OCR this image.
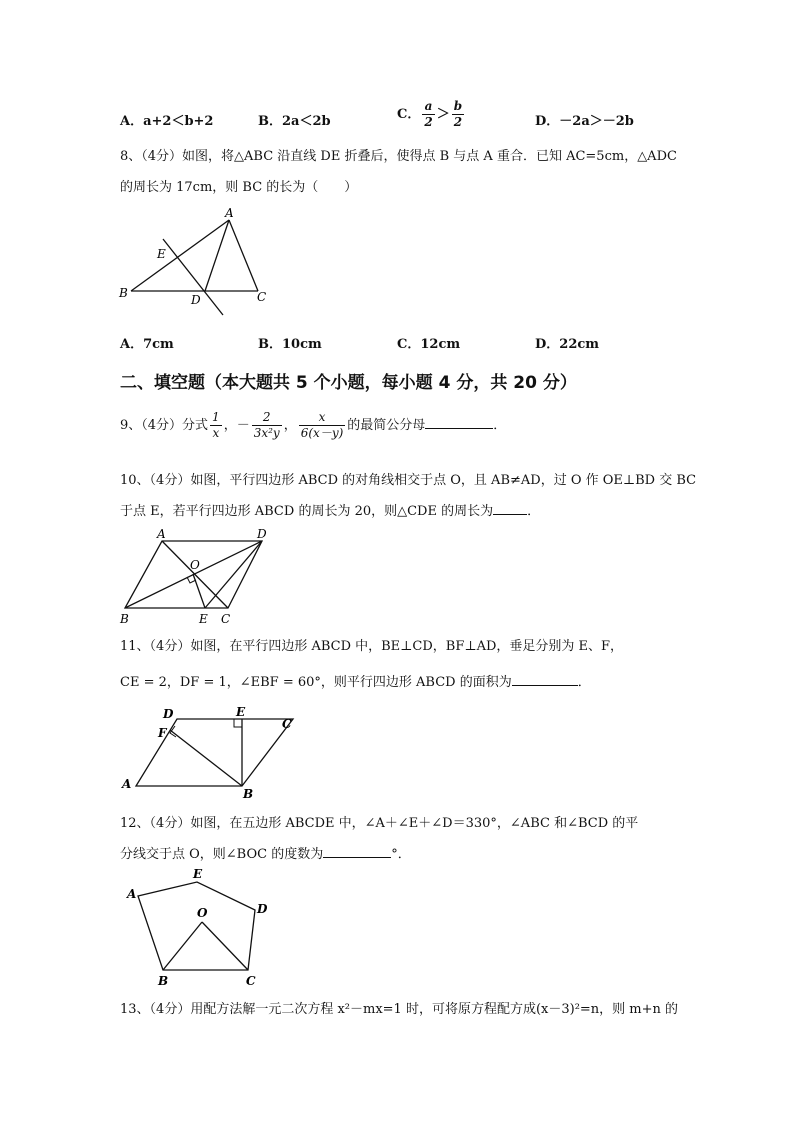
A．a+2＜b+2	B．2a＜2b	C． $\frac{a}{2} > \frac{b}{2}$	D．－2a＞－2b
8、（4分）如图，将△ABC 沿直线 DE 折叠后，使得点 B 与点 A 重合．已知 AC=5cm，△ADC
的周长为 17cm，则 BC 的长为（　　）
A
E
B	D	C
A．7cm	B．10cm	C．12cm	D．22cm
二、填空题（本大题共 5 个小题，每小题 4 分，共 20 分）
9、（4分）分式 $\frac{1}{x}$ ，－ $\frac{2}{\text{3x²y}}$ ， $\frac{x}{6(x-y)}$ 的最简公分母	．
10、（4分）如图，平行四边形 ABCD 的对角线相交于点 O，且 AB≠AD，过 O 作 OE⊥BD 交 BC
于点 E，若平行四边形 ABCD 的周长为 20，则△CDE 的周长为	．
A	D
O
B	E C
11、（4分）如图，在平行四边形 ABCD 中，BE⊥CD，BF⊥AD，垂足分别为 E、F，
CE = 2，DF = 1，∠EBF = 60°，则平行四边形 ABCD 的面积为	．
D	E
C
F
A
B
12、（4分）如图，在五边形 ABCDE 中，∠A＋∠E＋∠D＝330°，∠ABC 和∠BCD 的平
分线交于点 O，则∠BOC 的度数为	°．
A
E
D
O
B	C
13、（4分）用配方法解一元二次方程 x²－mx=1 时，可将原方程配方成(x－3)²=n，则 m+n 的
